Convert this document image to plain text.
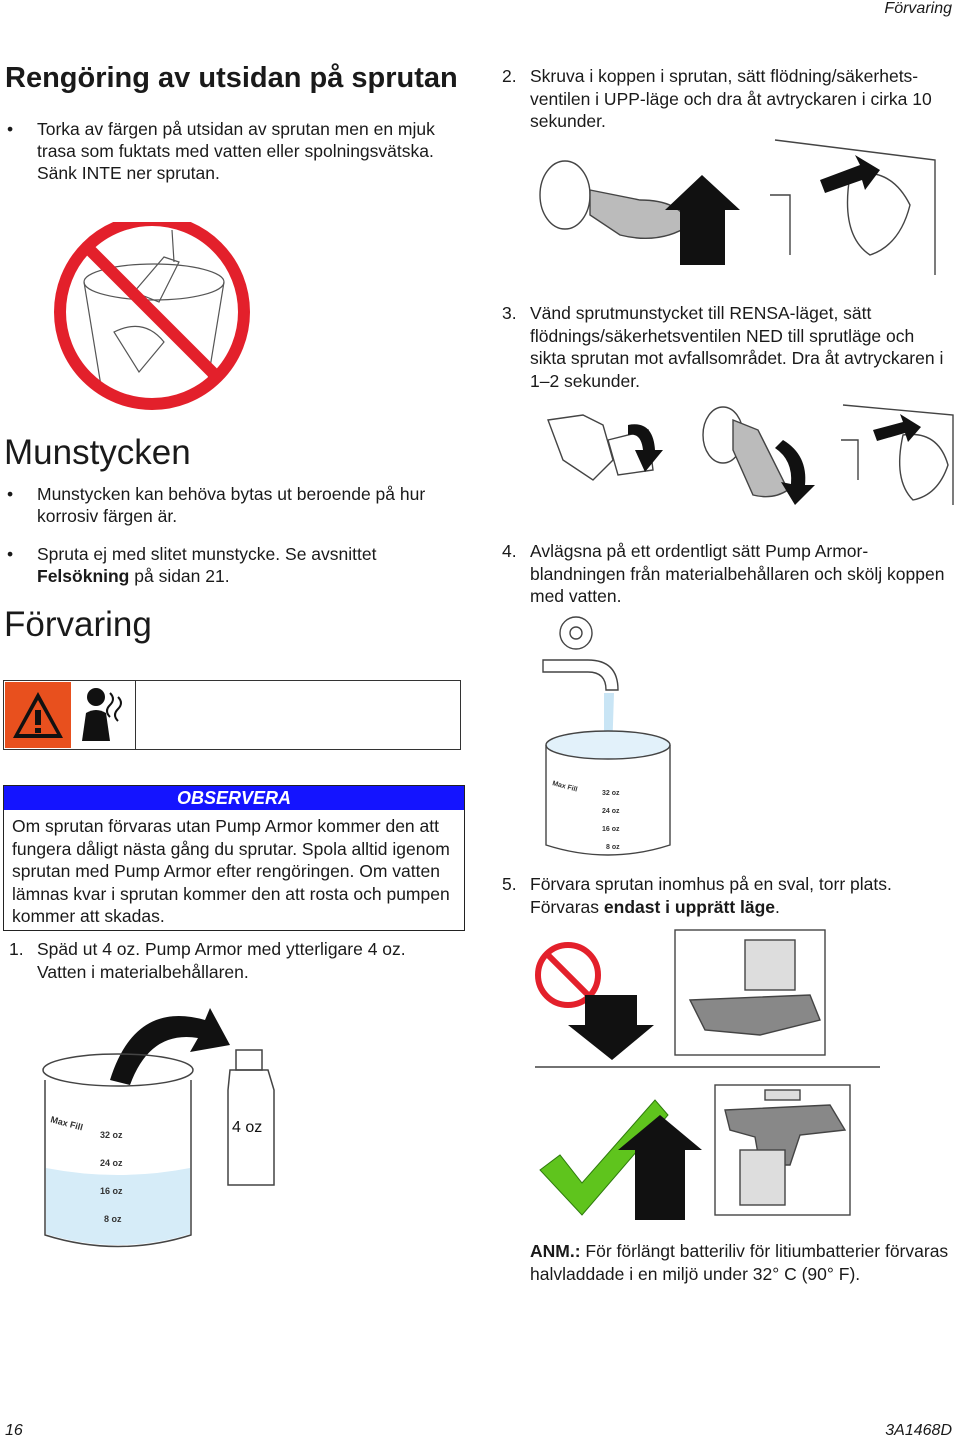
Förvaring
Rengöring av utsidan på sprutan
• Torka av färgen på utsidan av sprutan men en mjuk trasa som fuktats med vatten eller spolningsvätska. Sänk INTE ner sprutan.
Munstycken
• Munstycken kan behöva bytas ut beroende på hur korrosiv färgen är.
• Spruta ej med slitet munstycke. Se avsnittet
Felsökning på sidan 21.
Förvaring
OBSERVERA
Om sprutan förvaras utan Pump Armor kommer den att fungera dåligt nästa gång du sprutar. Spola alltid igenom sprutan med Pump Armor efter rengöringen. Om vatten lämnas kvar i sprutan kommer den att rosta och pumpen kommer att skadas.
1. Späd ut 4 oz. Pump Armor med ytterligare 4 oz. Vatten i materialbehållaren.
Max Fill
32 oz
24 oz
16 oz
8 oz
4 oz
2. Skruva i koppen i sprutan, sätt flödning/säkerhets-ventilen i UPP-läge och dra åt avtryckaren i cirka 10 sekunder.
3. Vänd sprutmunstycket till RENSA-läget, sätt flödnings/säkerhetsventilen NED till sprutläge och sikta sprutan mot avfallsområdet. Dra åt avtryckaren i 1–2 sekunder.
4. Avlägsna på ett ordentligt sätt Pump Armor-blandningen från materialbehållaren och skölj koppen med vatten.
Max Fill	32 oz
24 oz
16 oz
8 oz
5. Förvara sprutan inomhus på en sval, torr plats.
Förvaras endast i upprätt läge.
ANM.: För förlängt batteriliv för litiumbatterier förvaras halvladdade i en miljö under 32° C (90° F).
16	3A1468D
